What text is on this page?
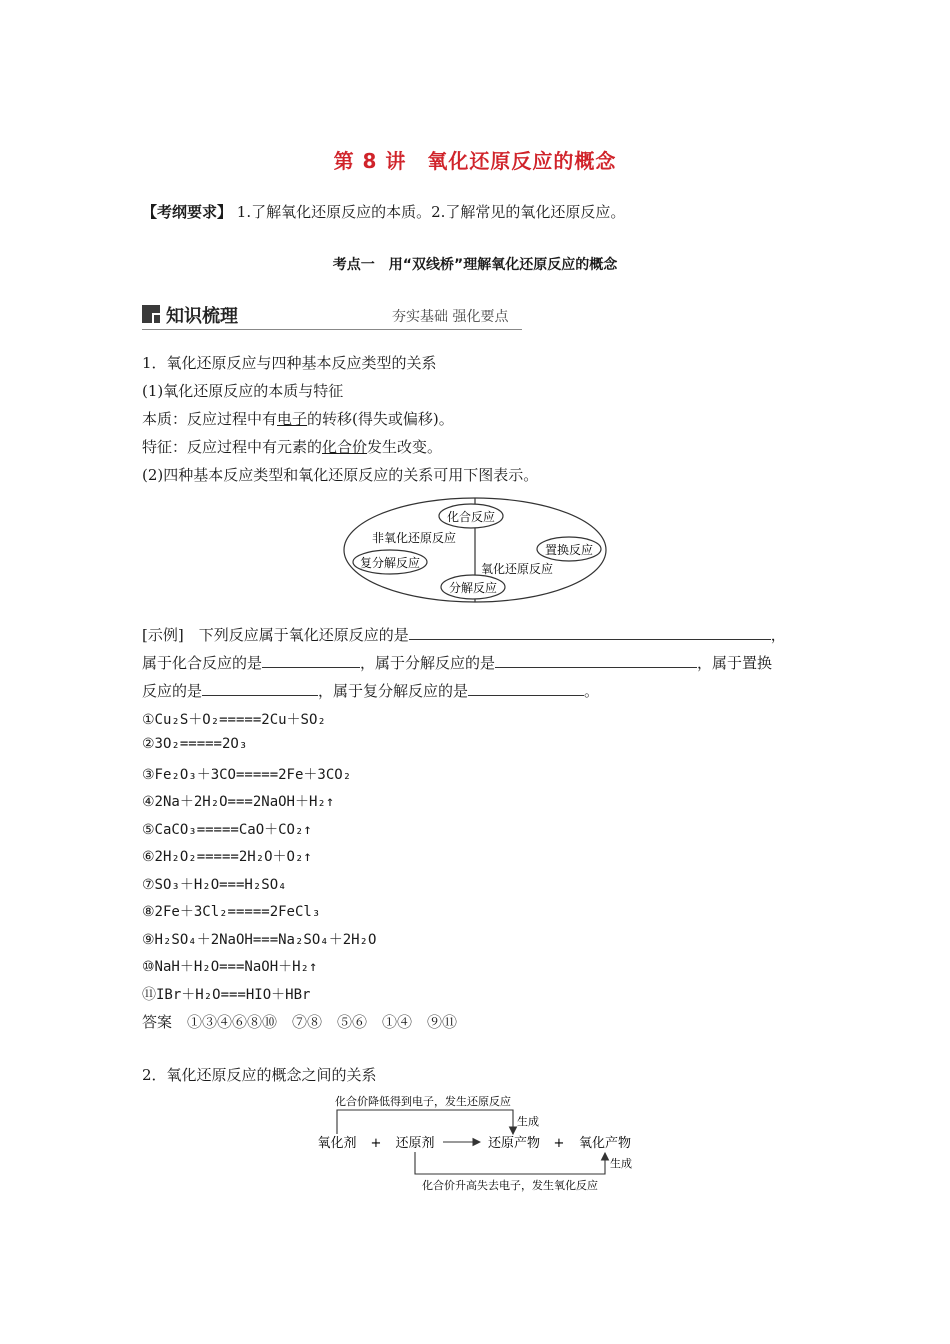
第 8 讲　氧化还原反应的概念
【考纲要求】 1.了解氧化还原反应的本质。2.了解常见的氧化还原反应。
考点一　用“双线桥”理解氧化还原反应的概念
知识梳理	夯实基础 强化要点
1．氧化还原反应与四种基本反应类型的关系
(1)氧化还原反应的本质与特征
本质：反应过程中有电子的转移(得失或偏移)。
特征：反应过程中有元素的化合价发生改变。
(2)四种基本反应类型和氧化还原反应的关系可用下图表示。
化合反应
非氧化还原反应
置换反应
复分解反应	氧化还原反应
分解反应
[示例]　下列反应属于氧化还原反应的是	，
属于化合反应的是	，属于分解反应的是	，属于置换
反应的是	，属于复分解反应的是	。
①Cu₂S＋O₂=====2Cu＋SO₂
②3O₂=====2O₃
③Fe₂O₃＋3CO=====2Fe＋3CO₂
④2Na＋2H₂O===2NaOH＋H₂↑
⑤CaCO₃=====CaO＋CO₂↑
⑥2H₂O₂=====2H₂O＋O₂↑
⑦SO₃＋H₂O===H₂SO₄
⑧2Fe＋3Cl₂=====2FeCl₃
⑨H₂SO₄＋2NaOH===Na₂SO₄＋2H₂O
⑩NaH＋H₂O===NaOH＋H₂↑
⑪IBr＋H₂O===HIO＋HBr
答案　 ①③④⑥⑧⑩　⑦⑧　⑤⑥　①④　⑨⑪
2．氧化还原反应的概念之间的关系
化合价降低得到电子，发生还原反应
生成
氧化剂 + 还原剂	还原产物 + 氧化产物
生成
化合价升高失去电子，发生氧化反应
